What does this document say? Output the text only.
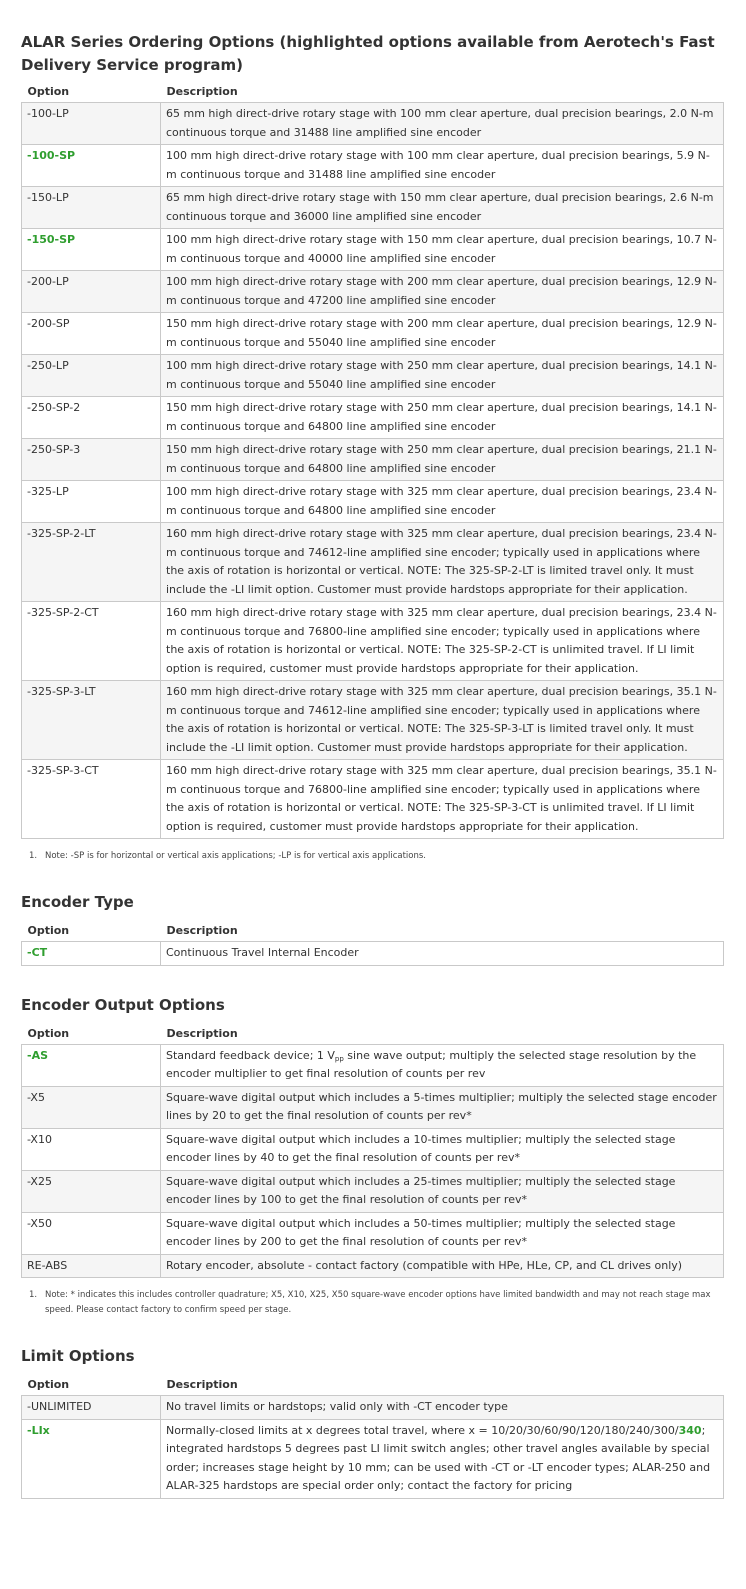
ALAR Series Ordering Options (highlighted options available from Aerotech's Fast Delivery Service program)
Option	Description
-100-LP	65 mm high direct-drive rotary stage with 100 mm clear aperture, dual precision bearings, 2.0 N-m continuous torque and 31488 line amplified sine encoder
-100-SP	100 mm high direct-drive rotary stage with 100 mm clear aperture, dual precision bearings, 5.9 N-m continuous torque and 31488 line amplified sine encoder
-150-LP	65 mm high direct-drive rotary stage with 150 mm clear aperture, dual precision bearings, 2.6 N-m continuous torque and 36000 line amplified sine encoder
-150-SP	100 mm high direct-drive rotary stage with 150 mm clear aperture, dual precision bearings, 10.7 N-m continuous torque and 40000 line amplified sine encoder
-200-LP	100 mm high direct-drive rotary stage with 200 mm clear aperture, dual precision bearings, 12.9 N-m continuous torque and 47200 line amplified sine encoder
-200-SP	150 mm high direct-drive rotary stage with 200 mm clear aperture, dual precision bearings, 12.9 N-m continuous torque and 55040 line amplified sine encoder
-250-LP	100 mm high direct-drive rotary stage with 250 mm clear aperture, dual precision bearings, 14.1 N-m continuous torque and 55040 line amplified sine encoder
-250-SP-2	150 mm high direct-drive rotary stage with 250 mm clear aperture, dual precision bearings, 14.1 N-m continuous torque and 64800 line amplified sine encoder
-250-SP-3	150 mm high direct-drive rotary stage with 250 mm clear aperture, dual precision bearings, 21.1 N-m continuous torque and 64800 line amplified sine encoder
-325-LP	100 mm high direct-drive rotary stage with 325 mm clear aperture, dual precision bearings, 23.4 N-m continuous torque and 64800 line amplified sine encoder
-325-SP-2-LT	160 mm high direct-drive rotary stage with 325 mm clear aperture, dual precision bearings, 23.4 N-m continuous torque and 74612-line amplified sine encoder; typically used in applications where the axis of rotation is horizontal or vertical. NOTE: The 325-SP-2-LT is limited travel only. It must include the -LI limit option. Customer must provide hardstops appropriate for their application.
-325-SP-2-CT	160 mm high direct-drive rotary stage with 325 mm clear aperture, dual precision bearings, 23.4 N-m continuous torque and 76800-line amplified sine encoder; typically used in applications where the axis of rotation is horizontal or vertical. NOTE: The 325-SP-2-CT is unlimited travel. If LI limit option is required, customer must provide hardstops appropriate for their application.
-325-SP-3-LT	160 mm high direct-drive rotary stage with 325 mm clear aperture, dual precision bearings, 35.1 N-m continuous torque and 74612-line amplified sine encoder; typically used in applications where the axis of rotation is horizontal or vertical. NOTE: The 325-SP-3-LT is limited travel only. It must include the -LI limit option. Customer must provide hardstops appropriate for their application.
-325-SP-3-CT	160 mm high direct-drive rotary stage with 325 mm clear aperture, dual precision bearings, 35.1 N-m continuous torque and 76800-line amplified sine encoder; typically used in applications where the axis of rotation is horizontal or vertical. NOTE: The 325-SP-3-CT is unlimited travel. If LI limit option is required, customer must provide hardstops appropriate for their application.
1. Note: -SP is for horizontal or vertical axis applications; -LP is for vertical axis applications.
Encoder Type
Option	Description
-CT	Continuous Travel Internal Encoder
Encoder Output Options
Option	Description
-AS	Standard feedback device; 1 $V_{pp}$ sine wave output; multiply the selected stage resolution by the encoder multiplier to get final resolution of counts per rev
-X5	Square-wave digital output which includes a 5-times multiplier; multiply the selected stage encoder lines by 20 to get the final resolution of counts per rev*
-X10	Square-wave digital output which includes a 10-times multiplier; multiply the selected stage encoder lines by 40 to get the final resolution of counts per rev*
-X25	Square-wave digital output which includes a 25-times multiplier; multiply the selected stage encoder lines by 100 to get the final resolution of counts per rev*
-X50	Square-wave digital output which includes a 50-times multiplier; multiply the selected stage encoder lines by 200 to get the final resolution of counts per rev*
RE-ABS	Rotary encoder, absolute - contact factory (compatible with HPe, HLe, CP, and CL drives only)
1. Note: * indicates this includes controller quadrature; X5, X10, X25, X50 square-wave encoder options have limited bandwidth and may not reach stage max speed. Please contact factory to confirm speed per stage.
Limit Options
Option	Description
-UNLIMITED	No travel limits or hardstops; valid only with -CT encoder type
-LIx	Normally-closed limits at x degrees total travel, where x = 10/20/30/60/90/120/180/240/300/340; integrated hardstops 5 degrees past LI limit switch angles; other travel angles available by special order; increases stage height by 10 mm; can be used with -CT or -LT encoder types; ALAR-250 and ALAR-325 hardstops are special order only; contact the factory for pricing
